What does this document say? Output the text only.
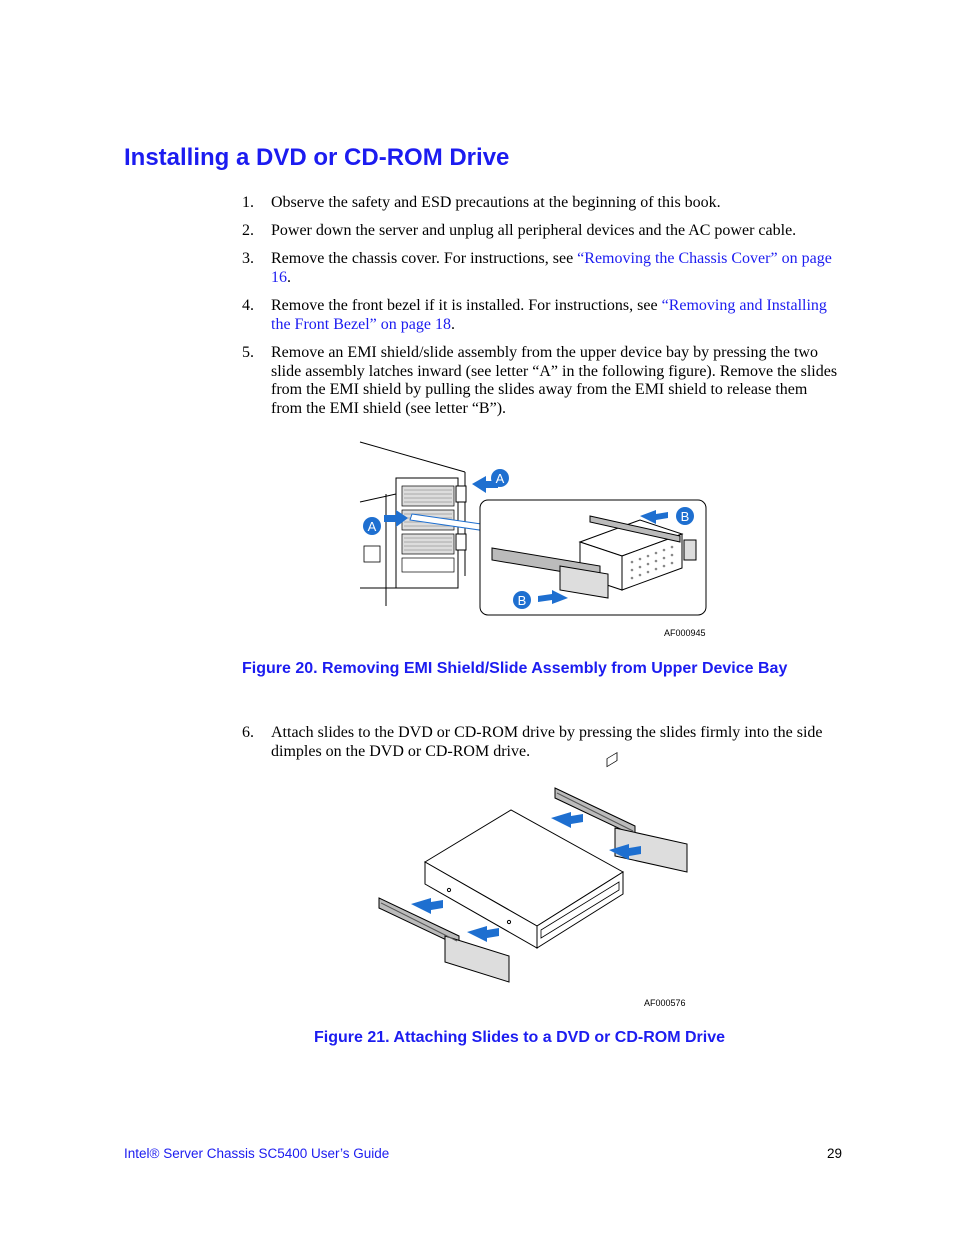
Installing a DVD or CD-ROM Drive
1. Observe the safety and ESD precautions at the beginning of this book.
2. Power down the server and unplug all peripheral devices and the AC power cable.
3. Remove the chassis cover. For instructions, see “Removing the Chassis Cover” on page 16.
4. Remove the front bezel if it is installed. For instructions, see “Removing and Installing the Front Bezel” on page 18.
5. Remove an EMI shield/slide assembly from the upper device bay by pressing the two slide assembly latches inward (see letter “A” in the following figure). Remove the slides from the EMI shield by pulling the slides away from the EMI shield to release them from the EMI shield (see letter “B”).
A
A
B
B
AF000945
Figure 20. Removing EMI Shield/Slide Assembly from Upper Device Bay
6. Attach slides to the DVD or CD-ROM drive by pressing the slides firmly into the side dimples on the DVD or CD-ROM drive.
AF000576
Figure 21. Attaching Slides to a DVD or CD-ROM Drive
Intel® Server Chassis SC5400 User’s Guide	29
